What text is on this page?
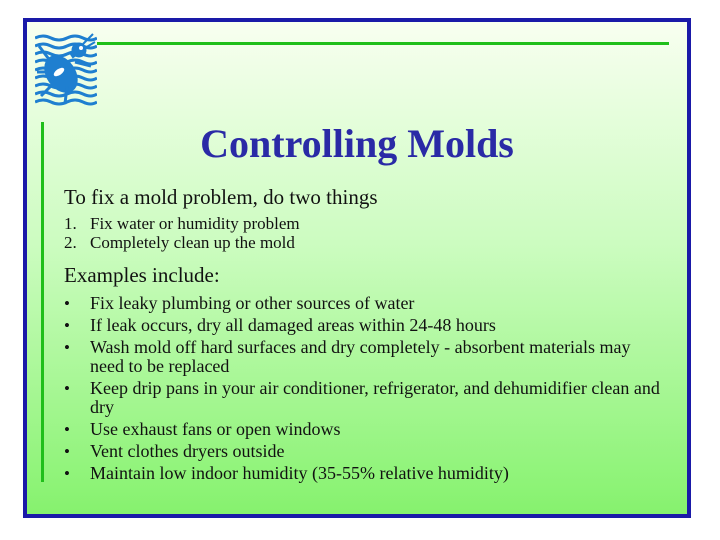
Controlling Molds

To fix a mold problem, do two things

1. Fix water or humidity problem
2. Completely clean up the mold

Examples include:

•	Fix leaky plumbing or other sources of water
•	If leak occurs, dry all damaged areas within 24-48 hours
•	Wash mold off hard surfaces and dry completely - absorbent materials may need to be replaced
•	Keep drip pans in your air conditioner, refrigerator, and dehumidifier clean and dry
•	Use exhaust fans or open windows
•	Vent clothes dryers outside
•	Maintain low indoor humidity (35-55% relative humidity)
